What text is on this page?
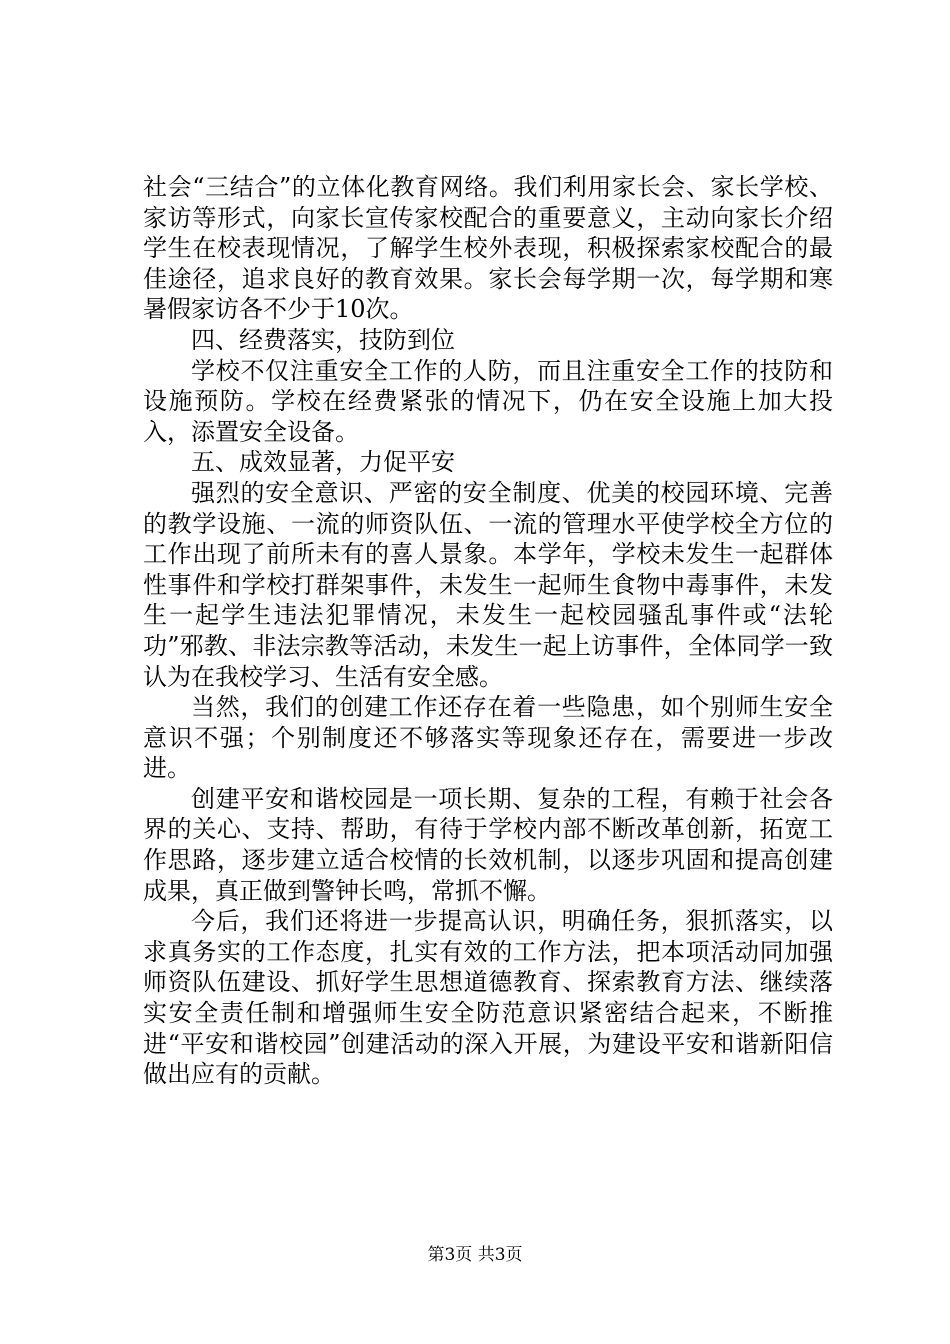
社会“三结合”的立体化教育网络。我们利用家长会、家长学校、家访等形式，向家长宣传家校配合的重要意义，主动向家长介绍学生在校表现情况，了解学生校外表现，积极探索家校配合的最佳途径，追求良好的教育效果。家长会每学期一次，每学期和寒暑假家访各不少于10次。

四、经费落实，技防到位

学校不仅注重安全工作的人防，而且注重安全工作的技防和设施预防。学校在经费紧张的情况下，仍在安全设施上加大投入，添置安全设备。

五、成效显著，力促平安

强烈的安全意识、严密的安全制度、优美的校园环境、完善的教学设施、一流的师资队伍、一流的管理水平使学校全方位的工作出现了前所未有的喜人景象。本学年，学校未发生一起群体性事件和学校打群架事件，未发生一起师生食物中毒事件，未发生一起学生违法犯罪情况，未发生一起校园骚乱事件或“法轮功”邪教、非法宗教等活动，未发生一起上访事件，全体同学一致认为在我校学习、生活有安全感。

当然，我们的创建工作还存在着一些隐患，如个别师生安全意识不强；个别制度还不够落实等现象还存在，需要进一步改进。

创建平安和谐校园是一项长期、复杂的工程，有赖于社会各界的关心、支持、帮助，有待于学校内部不断改革创新，拓宽工作思路，逐步建立适合校情的长效机制，以逐步巩固和提高创建成果，真正做到警钟长鸣，常抓不懈。

今后，我们还将进一步提高认识，明确任务，狠抓落实，以求真务实的工作态度，扎实有效的工作方法，把本项活动同加强师资队伍建设、抓好学生思想道德教育、探索教育方法、继续落实安全责任制和增强师生安全防范意识紧密结合起来，不断推进“平安和谐校园”创建活动的深入开展，为建设平安和谐新阳信做出应有的贡献。

第3页 共3页
